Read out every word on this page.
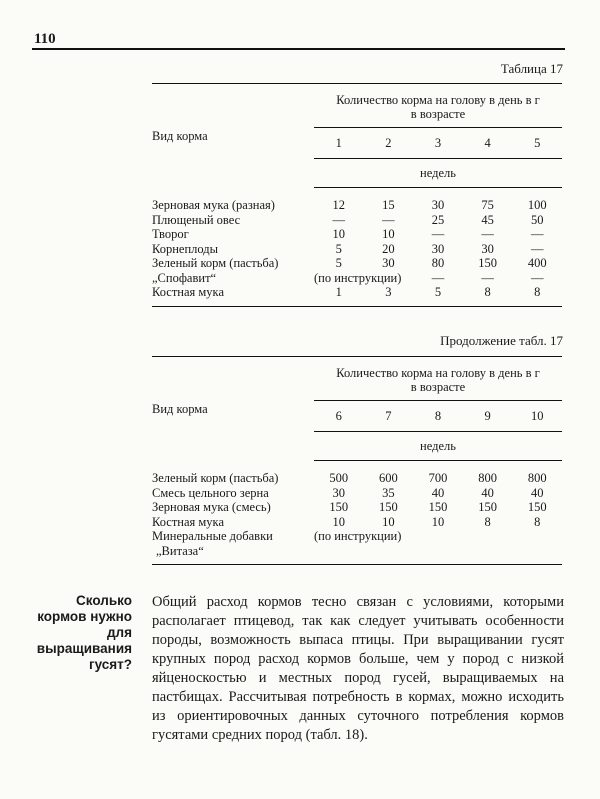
110
Таблица 17
Вид корма	Количество корма на голову в день в г
в возрасте				
	1	2	3	4	5
	недель				

Зерновая мука (разная)	12	15	30	75	100
Плющеный овес	—	—	25	45	50
Творог	10	10	—	—	—
Корнеплоды	5	20	30	30	—
Зеленый корм (пастьба)	5	30	80	150	400
„Спофавит“	(по инструкции)		—	—	—
Костная мука	1	3	5	8	8
Продолжение табл. 17
Вид корма	Количество корма на голову в день в г
в возрасте				
	6	7	8	9	10
	недель				

Зеленый корм (пастьба)	500	600	700	800	800
Смесь цельного зерна	30	35	40	40	40
Зерновая мука (смесь)	150	150	150	150	150
Костная мука	10	10	10	8	8
Минеральные добавки	(по инструкции)				
„Витаза“					
Сколько кормов нужно для выращивания гусят?
Общий расход кормов тесно связан с условиями, которыми располагает птицевод, так как следует учитывать особенности породы, возможность выпаса птицы. При выращивании гусят крупных пород расход кормов больше, чем у пород с низкой яйценоскостью и местных пород гусей, выращиваемых на пастбищах. Рассчитывая потребность в кормах, можно исходить из ориентировочных данных суточного потребления кормов гусятами средних пород (табл. 18).
